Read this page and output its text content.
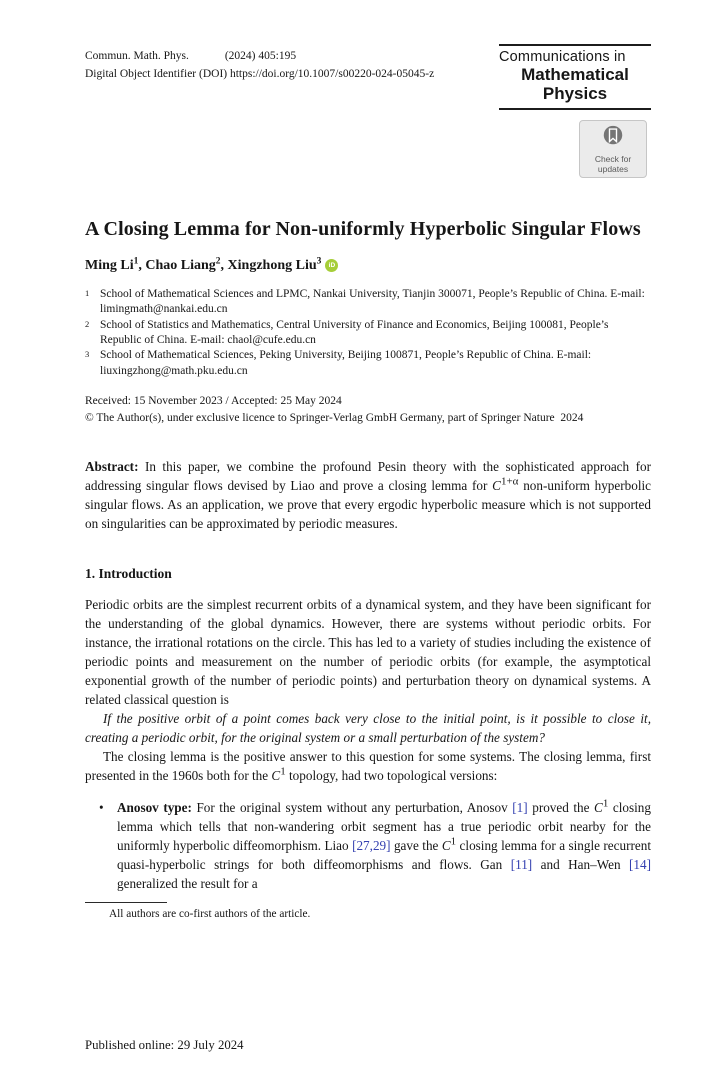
Commun. Math. Phys.	(2024) 405:195
Digital Object Identifier (DOI) https://doi.org/10.1007/s00220-024-05045-z
Communications in
Mathematical
Physics
Check for
updates
A Closing Lemma for Non-uniformly Hyperbolic Singular Flows
Ming Li$^1$, Chao Liang$^2$, Xingzhong Liu$^3$	iD
1 School of Mathematical Sciences and LPMC, Nankai University, Tianjin 300071, People’s Republic of China. E-mail: limingmath@nankai.edu.cn
2 School of Statistics and Mathematics, Central University of Finance and Economics, Beijing 100081, People’s Republic of China. E-mail: chaol@cufe.edu.cn
3 School of Mathematical Sciences, Peking University, Beijing 100871, People’s Republic of China. E-mail: liuxingzhong@math.pku.edu.cn
Received: 15 November 2023 / Accepted: 25 May 2024
© The Author(s), under exclusive licence to Springer-Verlag GmbH Germany, part of Springer Nature  2024

Abstract: In this paper, we combine the profound Pesin theory with the sophisticated approach for addressing singular flows devised by Liao and prove a closing lemma for $C^{1+\alpha}$ non-uniform hyperbolic singular flows. As an application, we prove that every ergodic hyperbolic measure which is not supported on singularities can be approximated by periodic measures.

1. Introduction

Periodic orbits are the simplest recurrent orbits of a dynamical system, and they have been significant for the understanding of the global dynamics. However, there are systems without periodic orbits. For instance, the irrational rotations on the circle. This has led to a variety of studies including the existence of periodic points and measurement on the number of periodic orbits (for example, the asymptotical exponential growth of the number of periodic points) and perturbation theory on dynamical systems. A related classical question is

If the positive orbit of a point comes back very close to the initial point, is it possible to close it, creating a periodic orbit, for the original system or a small perturbation of the system?

The closing lemma is the positive answer to this question for some systems. The closing lemma, first presented in the 1960s both for the $C^1$ topology, had two topological versions:

•	Anosov type: For the original system without any perturbation, Anosov [1] proved the $C^1$ closing lemma which tells that non-wandering orbit segment has a true periodic orbit nearby for the uniformly hyperbolic diffeomorphism. Liao [27,29] gave the $C^1$ closing lemma for a single recurrent quasi-hyperbolic strings for both diffeomorphisms and flows. Gan [11] and Han–Wen [14] generalized the result for a
All authors are co-first authors of the article.
Published online: 29 July 2024
